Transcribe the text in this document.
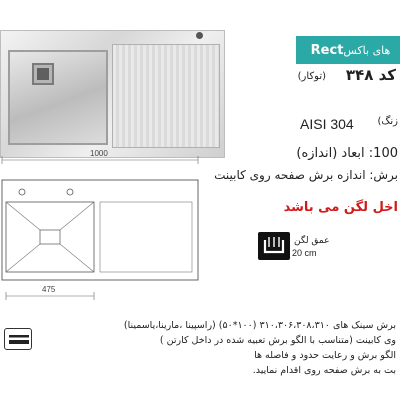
های باکس
Rect
کد ۳۴۸
(توکار)
AISI 304 زنگ)
100: ابعاد (اندازه)
برش: اندازه برش صفحه روی کابینت
اخل لگن می باشد
عمق لگن
20 cm
1000
475
برش سینک های ۳۱۰،۳۰۶،۳۰۸،۳۱۰ (۱۰۰*۵۰) (راسپینا ،مارینا،یاسمینا)
وی کابینت (متناسب با الگو برش تعبیه شده در داخل کارتن )
الگو برش و رعایت حدود و فاصله ها
بت به برش صفحه روی اقدام نمایید.
